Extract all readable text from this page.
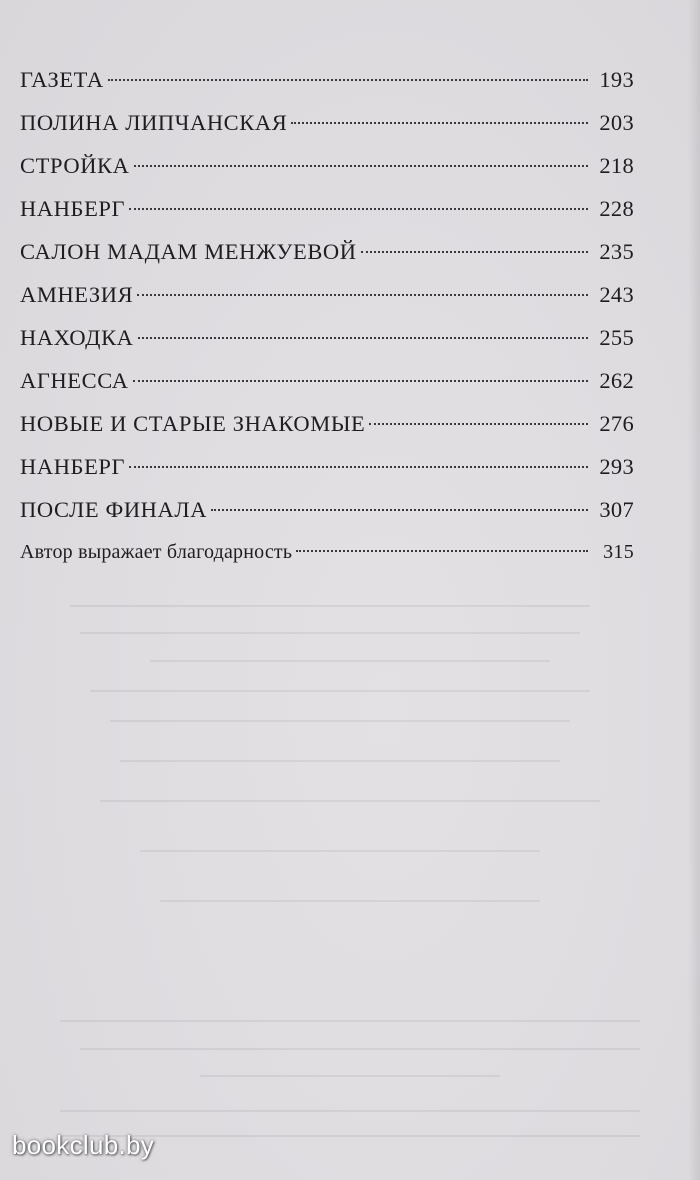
ГАЗЕТА	193
ПОЛИНА ЛИПЧАНСКАЯ	203
СТРОЙКА	218
НАНБЕРГ	228
САЛОН МАДАМ МЕНЖУЕВОЙ	235
АМНЕЗИЯ	243
НАХОДКА	255
АГНЕССА	262
НОВЫЕ И СТАРЫЕ ЗНАКОМЫЕ	276
НАНБЕРГ	293
ПОСЛЕ ФИНАЛА	307
Автор выражает благодарность	315
bookclub.by
